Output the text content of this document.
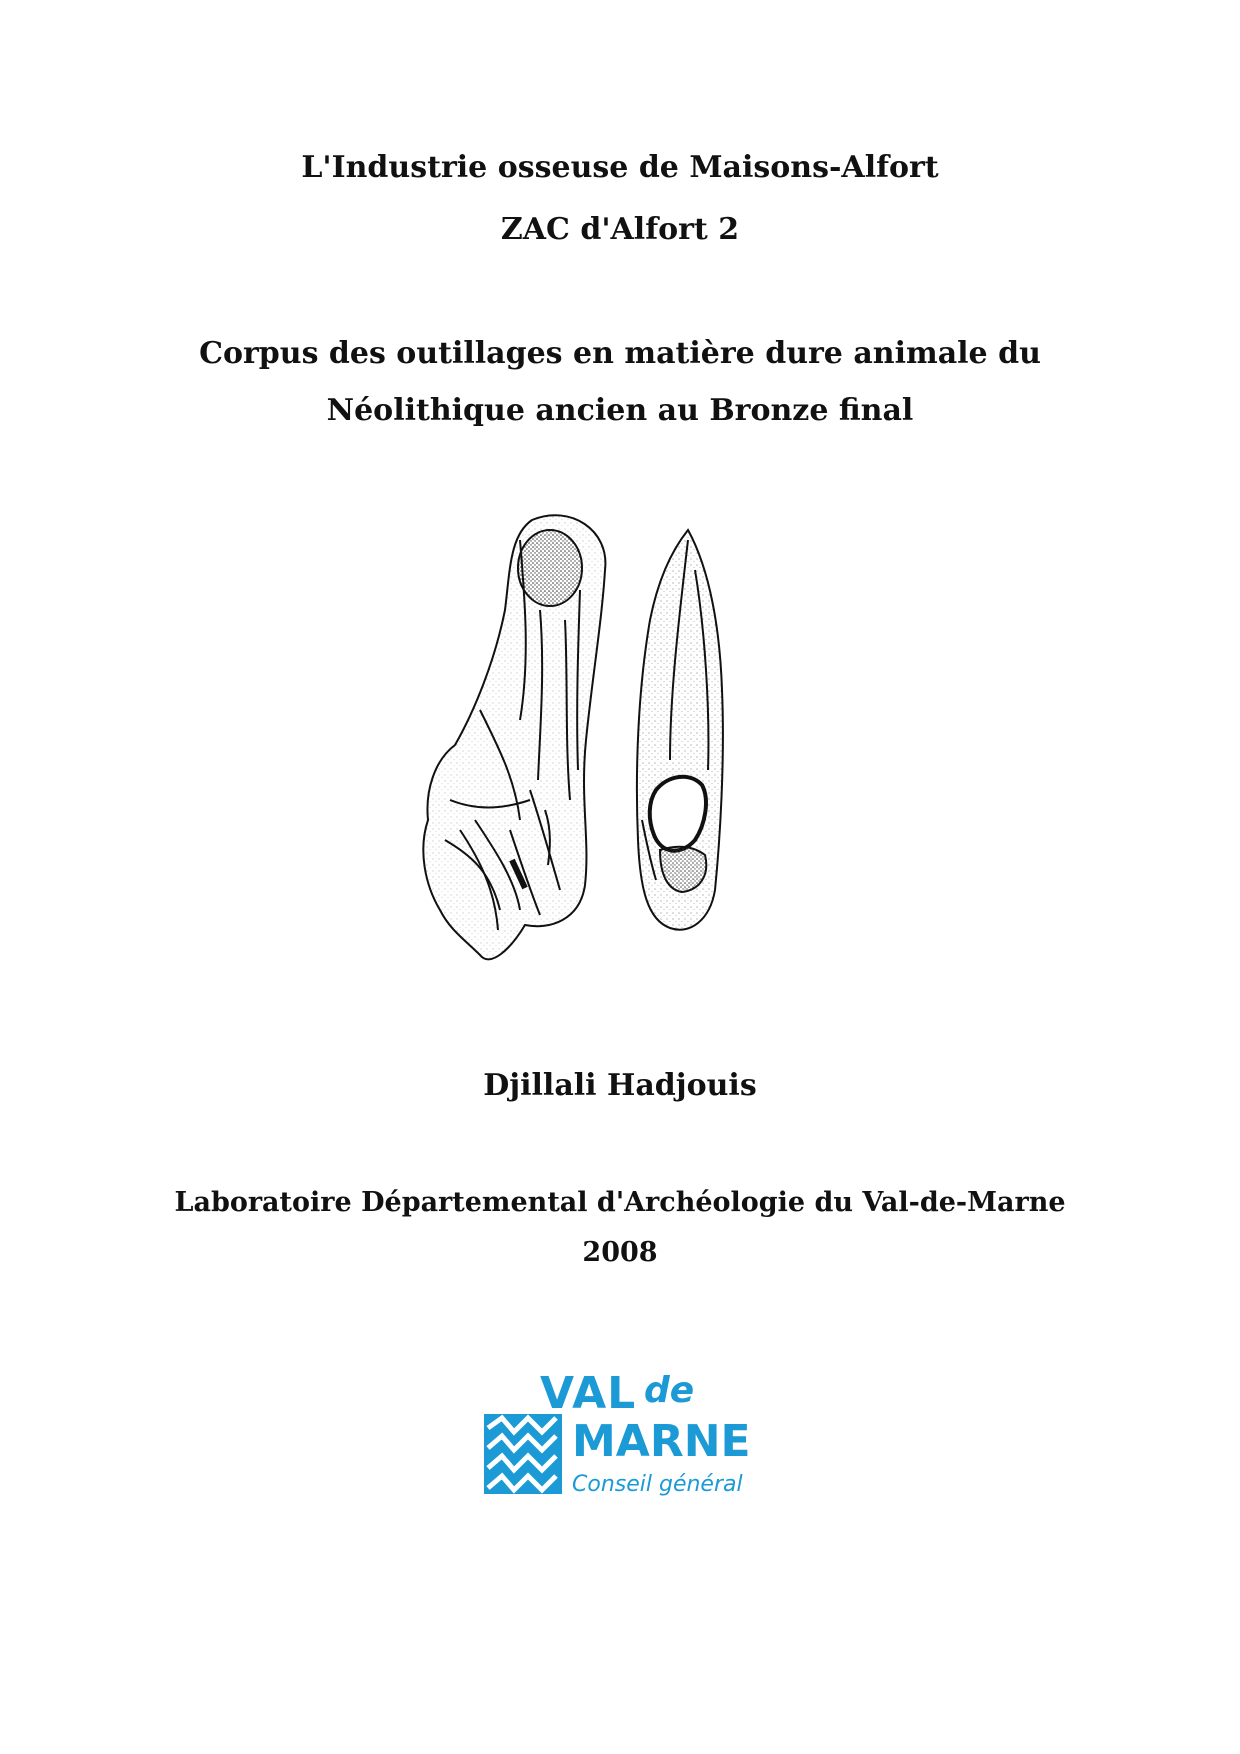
L'Industrie osseuse de Maisons-Alfort
ZAC d'Alfort 2
Corpus des outillages en matière dure animale du
Néolithique ancien au Bronze final
Djillali Hadjouis
Laboratoire Départemental d'Archéologie du Val-de-Marne
2008
VAL de
MARNE
Conseil général
